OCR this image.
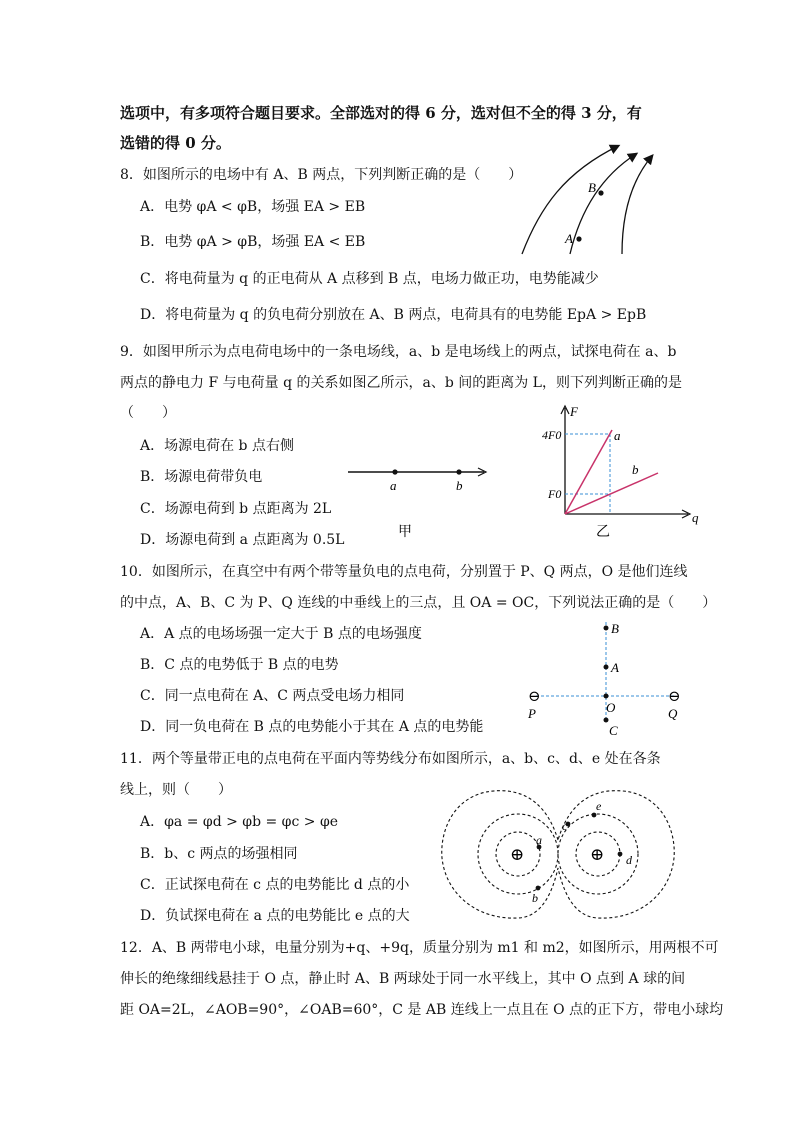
选项中，有多项符合题目要求。全部选对的得 6 分，选对但不全的得 3 分，有
选错的得 0 分。
8．如图所示的电场中有 A、B 两点，下列判断正确的是（　　）
A．电势 φA < φB，场强 EA > EB
B．电势 φA > φB，场强 EA < EB
C．将电荷量为 q 的正电荷从 A 点移到 B 点，电场力做正功，电势能减少
D．将电荷量为 q 的负电荷分别放在 A、B 两点，电荷具有的电势能 EpA > EpB
A
B
9．如图甲所示为点电荷电场中的一条电场线，a、b 是电场线上的两点，试探电荷在 a、b
两点的静电力 F 与电荷量 q 的关系如图乙所示，a、b 间的距离为 L，则下列判断正确的是
（　　）
A．场源电荷在 b 点右侧
B．场源电荷带负电
C．场源电荷到 b 点距离为 2L
D．场源电荷到 a 点距离为 0.5L
a	b
甲
F
q
a
b
4F0
F0
乙
10．如图所示，在真空中有两个带等量负电的点电荷，分别置于 P、Q 两点，O 是他们连线
的中点，A、B、C 为 P、Q 连线的中垂线上的三点，且 OA = OC，下列说法正确的是（　　）
A．A 点的电场场强一定大于 B 点的电场强度
B．C 点的电势低于 B 点的电势
C．同一点电荷在 A、C 两点受电场力相同
D．同一负电荷在 B 点的电势能小于其在 A 点的电势能
B
A
O
C
⊖	⊖
P	Q
11．两个等量带正电的点电荷在平面内等势线分布如图所示，a、b、c、d、e 处在各条
线上，则（　　）
A．φa = φd > φb = φc > φe
B．b、c 两点的场强相同
C．正试探电荷在 c 点的电势能比 d 点的小
D．负试探电荷在 a 点的电势能比 e 点的大
⊕	⊕
a
b
c
d
e
12．A、B 两带电小球，电量分别为+q、+9q，质量分别为 m1 和 m2，如图所示，用两根不可
伸长的绝缘细线悬挂于 O 点，静止时 A、B 两球处于同一水平线上，其中 O 点到 A 球的间
距 OA=2L，∠AOB=90°，∠OAB=60°，C 是 AB 连线上一点且在 O 点的正下方，带电小球均
